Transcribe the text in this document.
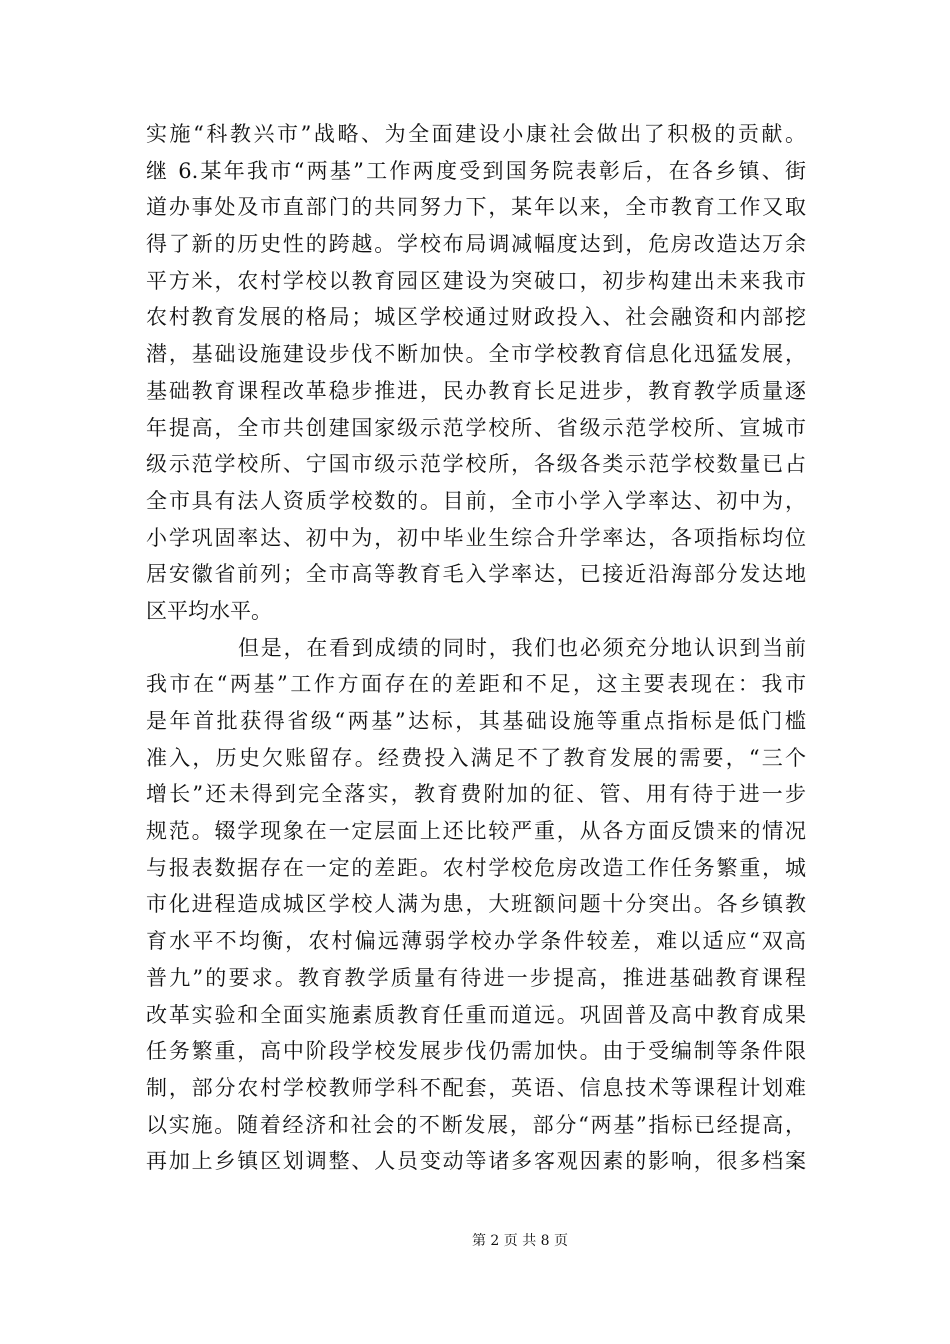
实施“科教兴市”战略、为全面建设小康社会做出了积极的贡献。
继 6.某年我市“两基”工作两度受到国务院表彰后，在各乡镇、街
道办事处及市直部门的共同努力下，某年以来，全市教育工作又取
得了新的历史性的跨越。学校布局调减幅度达到，危房改造达万余
平方米，农村学校以教育园区建设为突破口，初步构建出未来我市
农村教育发展的格局；城区学校通过财政投入、社会融资和内部挖
潜，基础设施建设步伐不断加快。全市学校教育信息化迅猛发展，
基础教育课程改革稳步推进，民办教育长足进步，教育教学质量逐
年提高，全市共创建国家级示范学校所、省级示范学校所、宣城市
级示范学校所、宁国市级示范学校所，各级各类示范学校数量已占
全市具有法人资质学校数的。目前，全市小学入学率达、初中为，
小学巩固率达、初中为，初中毕业生综合升学率达，各项指标均位
居安徽省前列；全市高等教育毛入学率达，已接近沿海部分发达地
区平均水平。
但是，在看到成绩的同时，我们也必须充分地认识到当前
我市在“两基”工作方面存在的差距和不足，这主要表现在：我市
是年首批获得省级“两基”达标，其基础设施等重点指标是低门槛
准入，历史欠账留存。经费投入满足不了教育发展的需要，“三个
增长”还未得到完全落实，教育费附加的征、管、用有待于进一步
规范。辍学现象在一定层面上还比较严重，从各方面反馈来的情况
与报表数据存在一定的差距。农村学校危房改造工作任务繁重，城
市化进程造成城区学校人满为患，大班额问题十分突出。各乡镇教
育水平不均衡，农村偏远薄弱学校办学条件较差，难以适应“双高
普九”的要求。教育教学质量有待进一步提高，推进基础教育课程
改革实验和全面实施素质教育任重而道远。巩固普及高中教育成果
任务繁重，高中阶段学校发展步伐仍需加快。由于受编制等条件限
制，部分农村学校教师学科不配套，英语、信息技术等课程计划难
以实施。随着经济和社会的不断发展，部分“两基”指标已经提高，
再加上乡镇区划调整、人员变动等诸多客观因素的影响，很多档案
第 2 页 共 8 页
